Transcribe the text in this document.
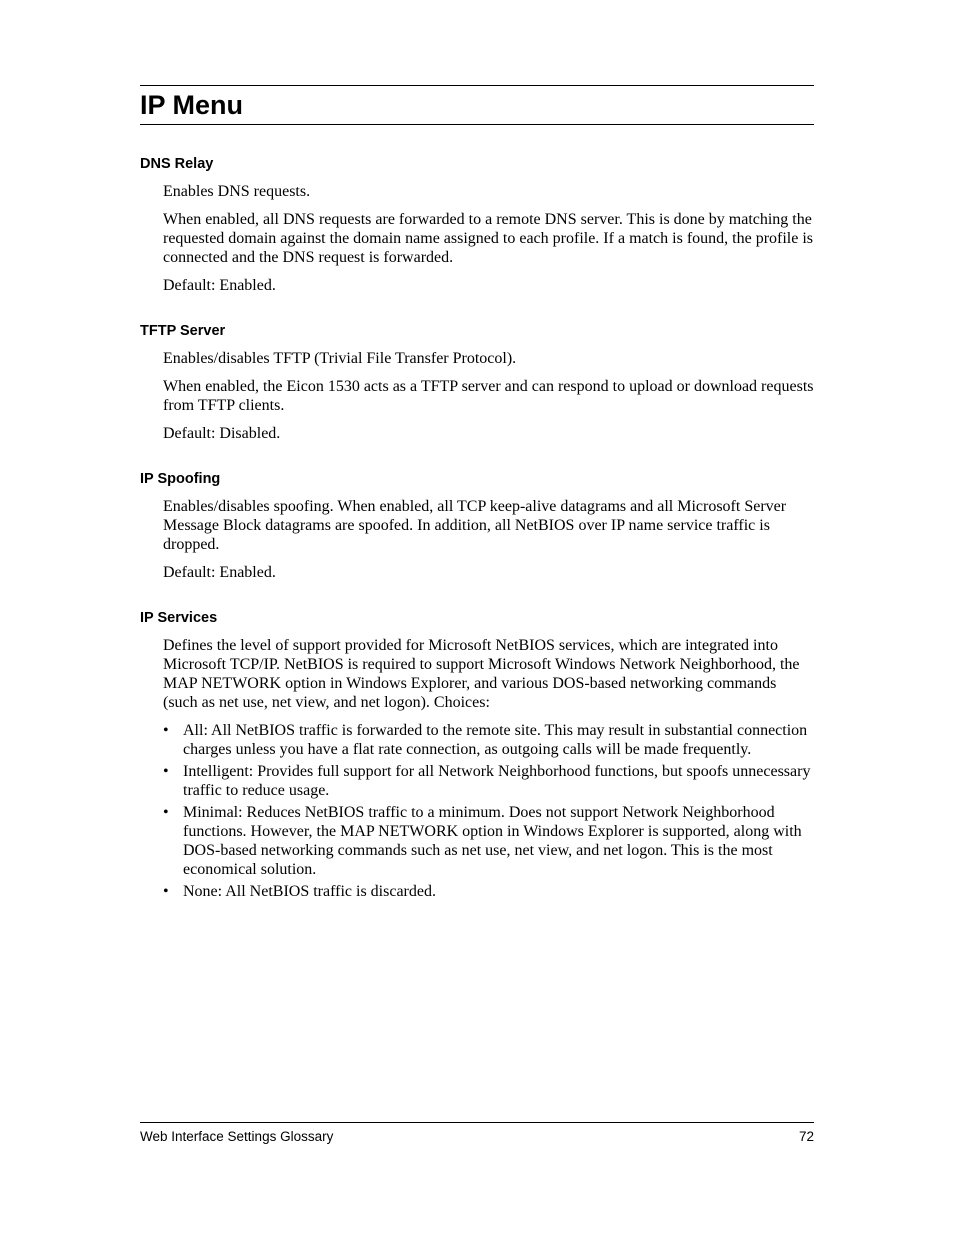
IP Menu
DNS Relay

Enables DNS requests.

When enabled, all DNS requests are forwarded to a remote DNS server. This is done by matching the requested domain against the domain name assigned to each profile. If a match is found, the profile is connected and the DNS request is forwarded.

Default: Enabled.

TFTP Server

Enables/disables TFTP (Trivial File Transfer Protocol).

When enabled, the Eicon 1530 acts as a TFTP server and can respond to upload or download requests from TFTP clients.

Default: Disabled.

IP Spoofing

Enables/disables spoofing. When enabled, all TCP keep-alive datagrams and all Microsoft Server Message Block datagrams are spoofed. In addition, all NetBIOS over IP name service traffic is dropped.

Default: Enabled.

IP Services

Defines the level of support provided for Microsoft NetBIOS services, which are integrated into Microsoft TCP/IP. NetBIOS is required to support Microsoft Windows Network Neighborhood, the MAP NETWORK option in Windows Explorer, and various DOS-based networking commands (such as net use, net view, and net logon). Choices:

• All: All NetBIOS traffic is forwarded to the remote site. This may result in substantial connection charges unless you have a flat rate connection, as outgoing calls will be made frequently.
• Intelligent: Provides full support for all Network Neighborhood functions, but spoofs unnecessary traffic to reduce usage.
• Minimal: Reduces NetBIOS traffic to a minimum. Does not support Network Neighborhood functions. However, the MAP NETWORK option in Windows Explorer is supported, along with DOS-based networking commands such as net use, net view, and net logon. This is the most economical solution.
• None: All NetBIOS traffic is discarded.
Web Interface Settings Glossary	72
